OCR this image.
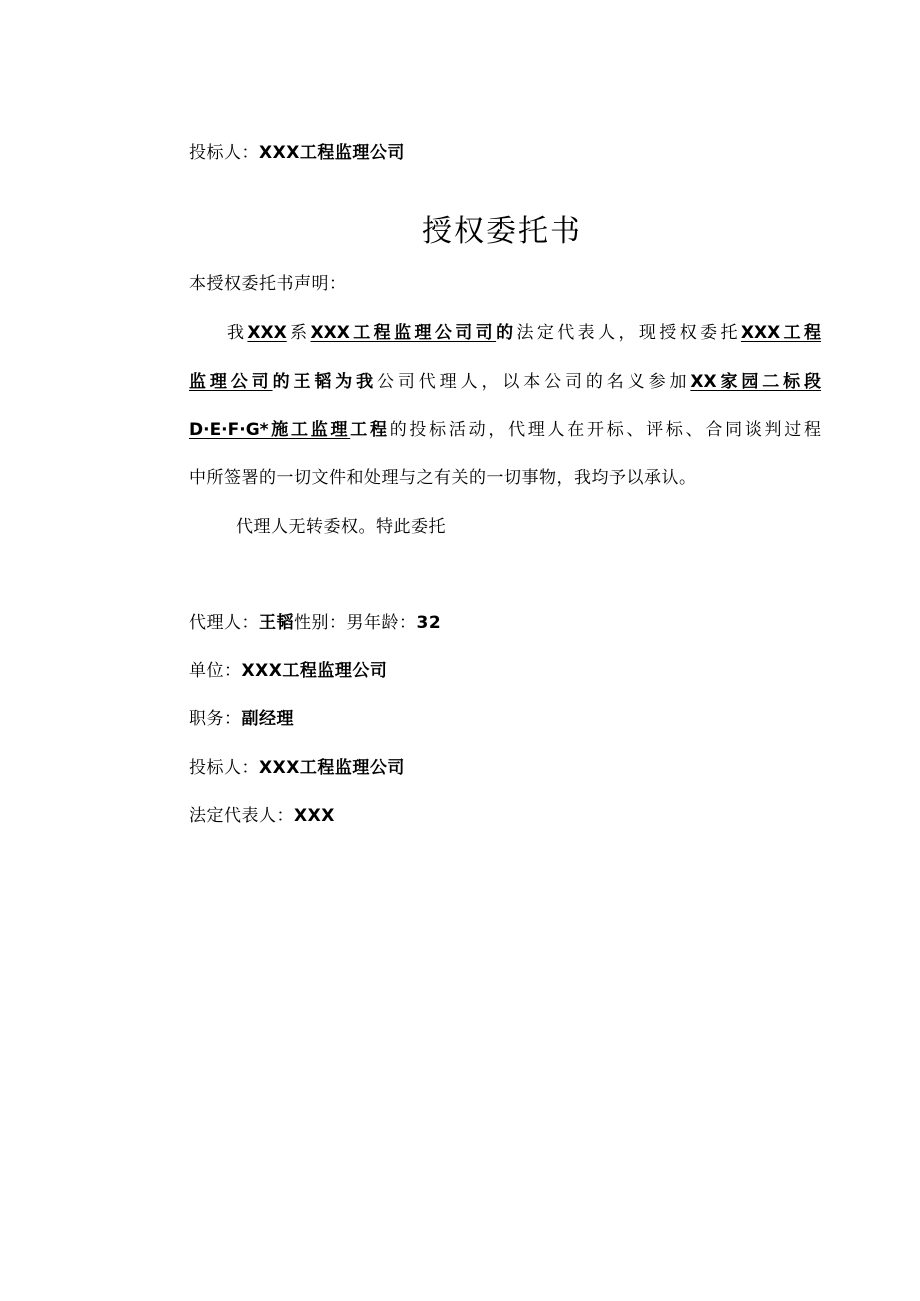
投标人：XXX工程监理公司
授权委托书
本授权委托书声明：
我XXX系XXX工程监理公司司的法定代表人，现授权委托XXX工程
监理公司的王韬为我公司代理人，以本公司的名义参加XX家园二标段
D·E·F·G*施工监理工程的投标活动，代理人在开标、评标、合同谈判过程
中所签署的一切文件和处理与之有关的一切事物，我均予以承认。
代理人无转委权。特此委托
代理人：王韬性别：男年龄：32
单位：XXX工程监理公司
职务：副经理
投标人：XXX工程监理公司
法定代表人：XXX
